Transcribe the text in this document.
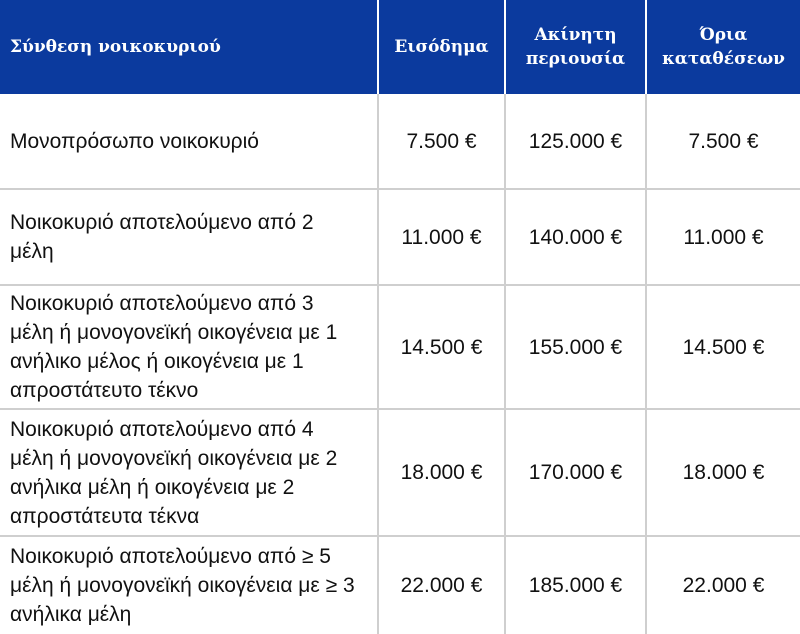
Σύνθεση νοικοκυριού	Εισόδημα	Ακίνητη περιουσία	Όρια καταθέσεων
Μονοπρόσωπο νοικοκυριό	7.500 €	125.000 €	7.500 €
Νοικοκυριό αποτελούμενο από 2 μέλη	11.000 €	140.000 €	11.000 €
Νοικοκυριό αποτελούμενο από 3 μέλη ή μονογονεϊκή οικογένεια με 1 ανήλικο μέλος ή οικογένεια με 1 απροστάτευτο τέκνο	14.500 €	155.000 €	14.500 €
Νοικοκυριό αποτελούμενο από 4 μέλη ή μονογονεϊκή οικογένεια με 2 ανήλικα μέλη ή οικογένεια με 2 απροστάτευτα τέκνα	18.000 €	170.000 €	18.000 €
Νοικοκυριό αποτελούμενο από ≥ 5 μέλη ή μονογονεϊκή οικογένεια με ≥ 3 ανήλικα μέλη	22.000 €	185.000 €	22.000 €
